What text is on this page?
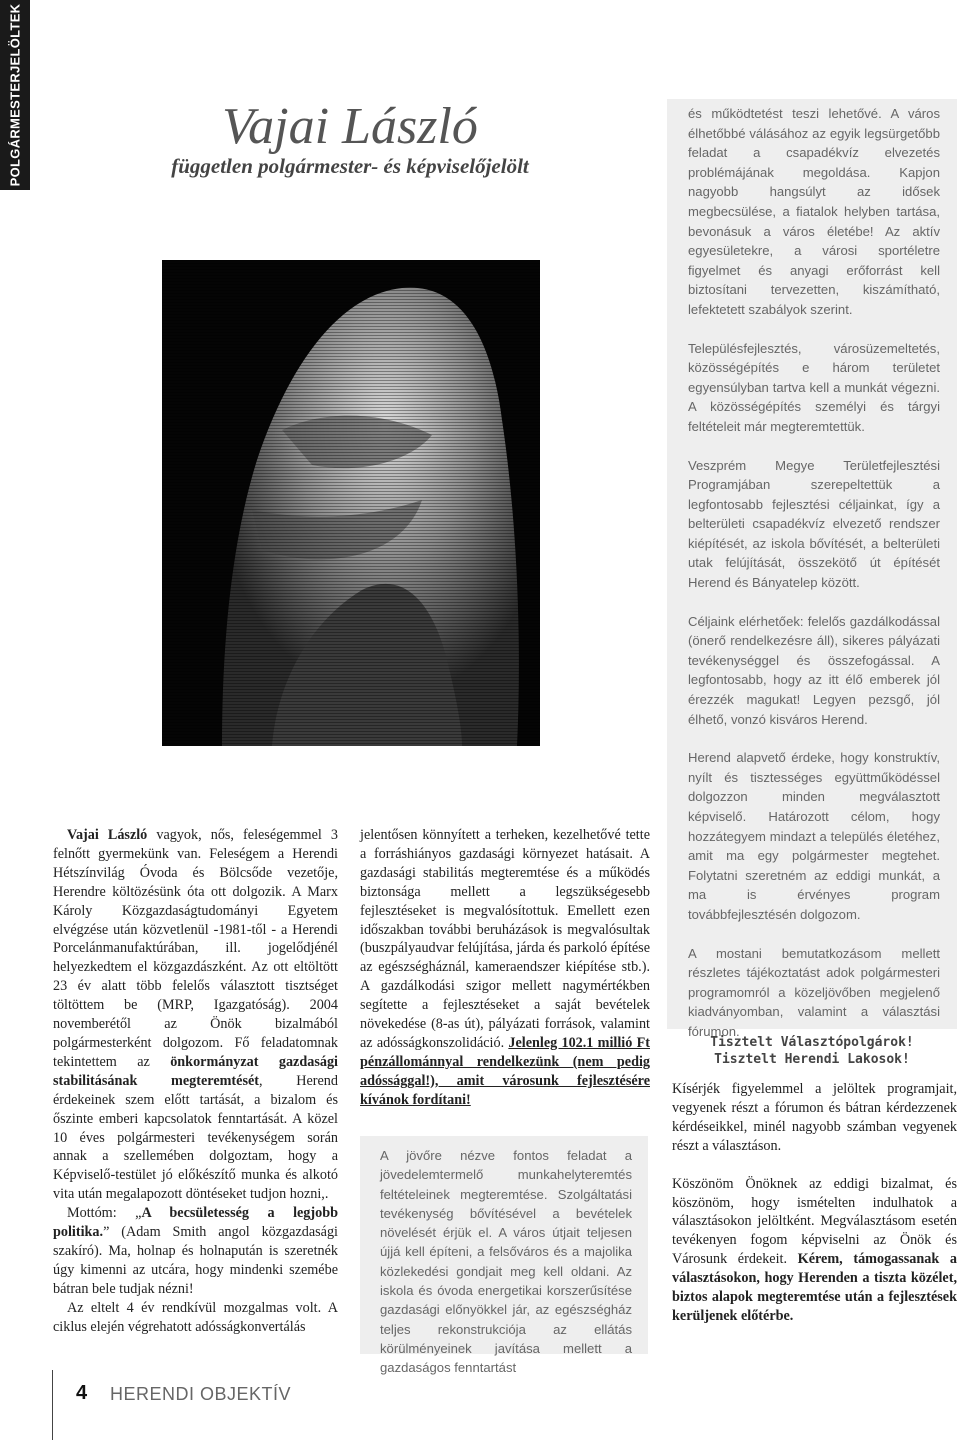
POLGÁRMESTERJELÖLTEK	Vajai László
független polgármester- és képviselőjelölt

és működtetést teszi lehetővé. A város élhetőbbé válásához az egyik legsürgetőbb feladat a csapadékvíz elvezetés problémájának megoldása. Kapjon nagyobb hangsúlyt az idősek megbecsülése, a fiatalok helyben tartása, bevonásuk a város életébe! Az aktív egyesületekre, a városi sportéletre figyelmet és anyagi erőforrást kell biztosítani tervezetten, kiszámítható, lefektetett szabályok szerint.

Településfejlesztés, városüzemeltetés, közösségépítés e három területet egyensúlyban tartva kell a munkát végezni. A közösségépítés személyi és tárgyi feltételeit már megteremtettük.

Veszprém Megye Területfejlesztési Programjában szerepeltettük a legfontosabb fejlesztési céljainkat, így a belterületi csapadékvíz elvezető rendszer kiépítését, az iskola bővítését, a belterületi utak felújítását, összekötő út építését Herend és Bányatelep között.

Céljaink elérhetőek: felelős gazdálkodással (önerő rendelkezésre áll), sikeres pályázati tevékenységgel és összefogással. A legfontosabb, hogy az itt élő emberek jól érezzék magukat! Legyen pezsgő, jól élhető, vonzó kisváros Herend.

Herend alapvető érdeke, hogy konstruktív, nyílt és tisztességes együttműködéssel dolgozzon minden megválasztott képviselő. Határozott célom, hogy hozzátegyem mindazt a település életéhez, amit ma egy polgármester megtehet. Folytatni szeretném az eddigi munkát, a ma is érvényes program továbbfejlesztésén dolgozom.

A mostani bemutatkozásom mellett részletes tájékoztatást adok polgármesteri programomról a közeljövőben megjelenő kiadványomban, valamint a választási fórumon.

Vajai László vagyok, nős, feleségemmel 3 felnőtt gyermekünk van. Feleségem a Herendi Hétszínvilág Óvoda és Bölcsőde vezetője, Herendre költözésünk óta ott dolgozik. A Marx Károly Közgazdaságtudományi Egyetem elvégzése után közvetlenül -1981-től - a Herendi Porcelánmanufaktúrában, ill. jogelődjénél helyezkedtem el közgazdászként. Az ott eltöltött 23 év alatt több felelős választott tisztséget töltöttem be (MRP, Igazgatóság). 2004 novemberétől az Önök bizalmából polgármesterként dolgozom. Fő feladatomnak tekintettem az önkormányzat gazdasági stabilitásának megteremtését, Herend érdekeinek szem előtt tartását, a bizalom és őszinte emberi kapcsolatok fenntartását. A közel 10 éves polgármesteri tevékenységem során annak a szellemében dolgoztam, hogy a Képviselő-testület jó előkészítő munka és alkotó vita után megalapozott döntéseket tudjon hozni,.

Mottóm: „A becsületesség a legjobb politika.” (Adam Smith angol közgazdasági szakíró). Ma, holnap és holnapután is szeretnék úgy kimenni az utcára, hogy mindenki szemébe bátran bele tudjak nézni!

Az eltelt 4 év rendkívül mozgalmas volt. A ciklus elején végrehatott adósságkonvertálás

jelentősen könnyített a terheken, kezelhetővé tette a forráshiányos gazdasági környezet hatásait. A gazdasági stabilitás megteremtése és a működés biztonsága mellett a legszükségesebb fejlesztéseket is megvalósítottuk. Emellett ezen időszakban további beruházások is megvalósultak (buszpályaudvar felújítása, járda és parkoló építése az egészségháznál, kameraendszer kiépítése stb.). A gazdálkodási szigor mellett nagymértékben segítette a fejlesztéseket a saját bevételek növekedése (8-as út), pályázati források, valamint az adósságkonszolidáció. Jelenleg 102.1 millió Ft pénzállománnyal rendelkezünk (nem pedig adóssággal!), amit városunk fejlesztésére kívánok fordítani!

A jövőre nézve fontos feladat a jövedelemtermelő munkahelyteremtés feltételeinek megteremtése. Szolgáltatási tevékenység bővítésével a bevételek növelését érjük el. A város útjait teljesen újjá kell építeni, a felsőváros és a majolika közlekedési gondjait meg kell oldani. Az iskola és óvoda energetikai korszerűsítése gazdasági előnyökkel jár, az egészségház teljes rekonstrukciója az ellátás körülményeinek javítása mellett a gazdaságos fenntartást

Tisztelt Választópolgárok!
Tisztelt Herendi Lakosok!

Kísérjék figyelemmel a jelöltek programjait, vegyenek részt a fórumon és bátran kérdezzenek kérdéseikkel, minél nagyobb számban vegyenek részt a választáson.

Köszönöm Önöknek az eddigi bizalmat, és köszönöm, hogy ismételten indulhatok a választásokon jelöltként. Megválasztásom esetén tevékenyen fogom képviselni az Önök és Városunk érdekeit. Kérem, támogassanak a választásokon, hogy Herenden a tiszta közélet, biztos alapok megteremtése után a fejlesztések kerüljenek előtérbe.

4 HERENDI OBJEKTÍV
